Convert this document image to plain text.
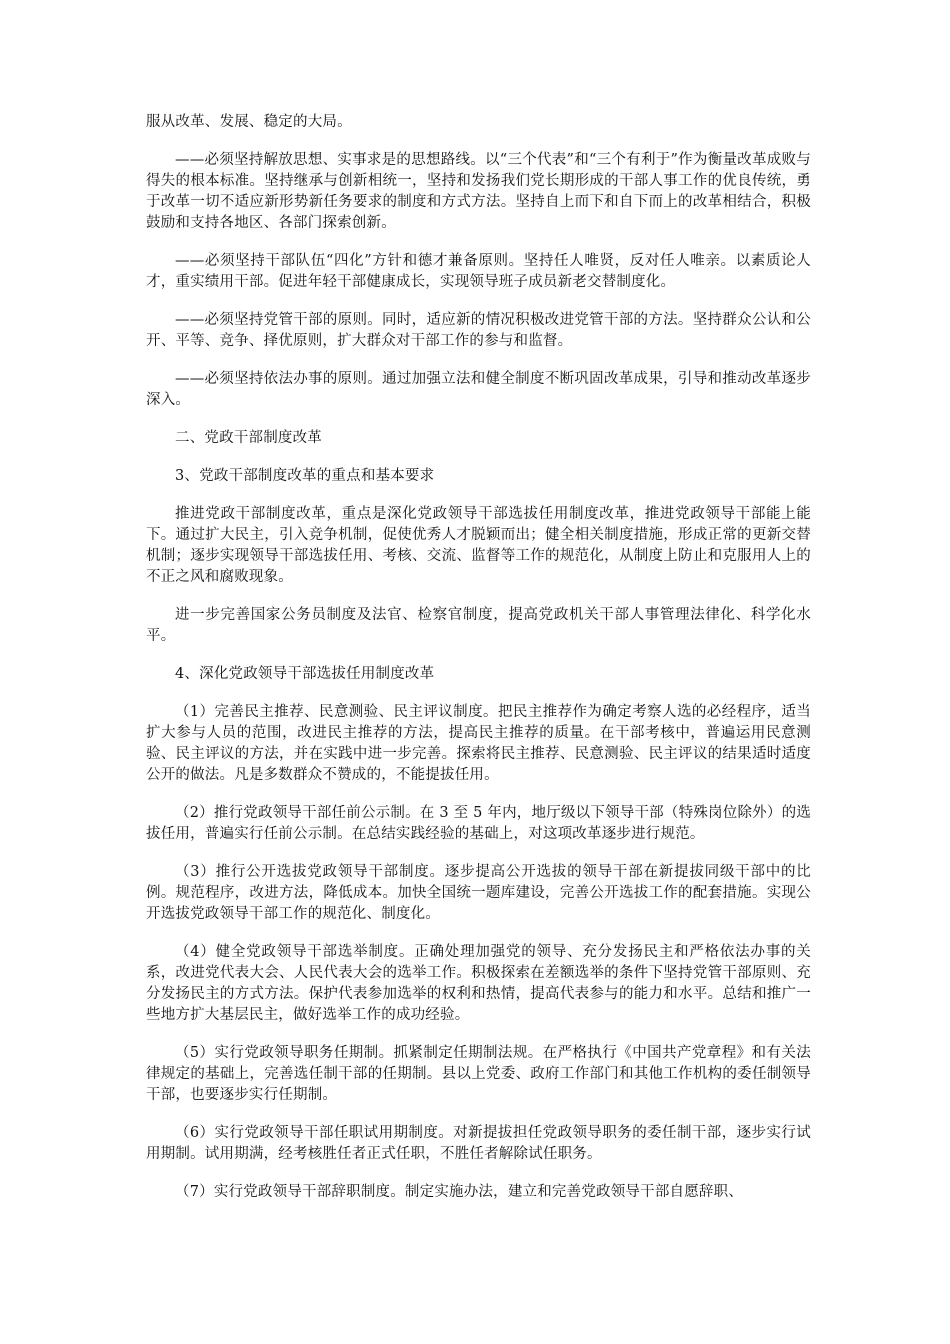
服从改革、发展、稳定的大局。

——必须坚持解放思想、实事求是的思想路线。以“三个代表”和“三个有利于”作为衡量改革成败与得失的根本标准。坚持继承与创新相统一，坚持和发扬我们党长期形成的干部人事工作的优良传统，勇于改革一切不适应新形势新任务要求的制度和方式方法。坚持自上而下和自下而上的改革相结合，积极鼓励和支持各地区、各部门探索创新。

——必须坚持干部队伍“四化”方针和德才兼备原则。坚持任人唯贤，反对任人唯亲。以素质论人才，重实绩用干部。促进年轻干部健康成长，实现领导班子成员新老交替制度化。

——必须坚持党管干部的原则。同时，适应新的情况积极改进党管干部的方法。坚持群众公认和公开、平等、竞争、择优原则，扩大群众对干部工作的参与和监督。

——必须坚持依法办事的原则。通过加强立法和健全制度不断巩固改革成果，引导和推动改革逐步深入。

二、党政干部制度改革

3、党政干部制度改革的重点和基本要求

推进党政干部制度改革，重点是深化党政领导干部选拔任用制度改革，推进党政领导干部能上能下。通过扩大民主，引入竞争机制，促使优秀人才脱颖而出；健全相关制度措施，形成正常的更新交替机制；逐步实现领导干部选拔任用、考核、交流、监督等工作的规范化，从制度上防止和克服用人上的不正之风和腐败现象。

进一步完善国家公务员制度及法官、检察官制度，提高党政机关干部人事管理法律化、科学化水平。

4、深化党政领导干部选拔任用制度改革

（1）完善民主推荐、民意测验、民主评议制度。把民主推荐作为确定考察人选的必经程序，适当扩大参与人员的范围，改进民主推荐的方法，提高民主推荐的质量。在干部考核中，普遍运用民意测验、民主评议的方法，并在实践中进一步完善。探索将民主推荐、民意测验、民主评议的结果适时适度公开的做法。凡是多数群众不赞成的，不能提拔任用。

（2）推行党政领导干部任前公示制。在 3 至 5 年内，地厅级以下领导干部（特殊岗位除外）的选拔任用，普遍实行任前公示制。在总结实践经验的基础上，对这项改革逐步进行规范。

（3）推行公开选拔党政领导干部制度。逐步提高公开选拔的领导干部在新提拔同级干部中的比例。规范程序，改进方法，降低成本。加快全国统一题库建设，完善公开选拔工作的配套措施。实现公开选拔党政领导干部工作的规范化、制度化。

（4）健全党政领导干部选举制度。正确处理加强党的领导、充分发扬民主和严格依法办事的关系，改进党代表大会、人民代表大会的选举工作。积极探索在差额选举的条件下坚持党管干部原则、充分发扬民主的方式方法。保护代表参加选举的权利和热情，提高代表参与的能力和水平。总结和推广一些地方扩大基层民主，做好选举工作的成功经验。

（5）实行党政领导职务任期制。抓紧制定任期制法规。在严格执行《中国共产党章程》和有关法律规定的基础上，完善选任制干部的任期制。县以上党委、政府工作部门和其他工作机构的委任制领导干部，也要逐步实行任期制。

（6）实行党政领导干部任职试用期制度。对新提拔担任党政领导职务的委任制干部，逐步实行试用期制。试用期满，经考核胜任者正式任职，不胜任者解除试任职务。

（7）实行党政领导干部辞职制度。制定实施办法，建立和完善党政领导干部自愿辞职、
